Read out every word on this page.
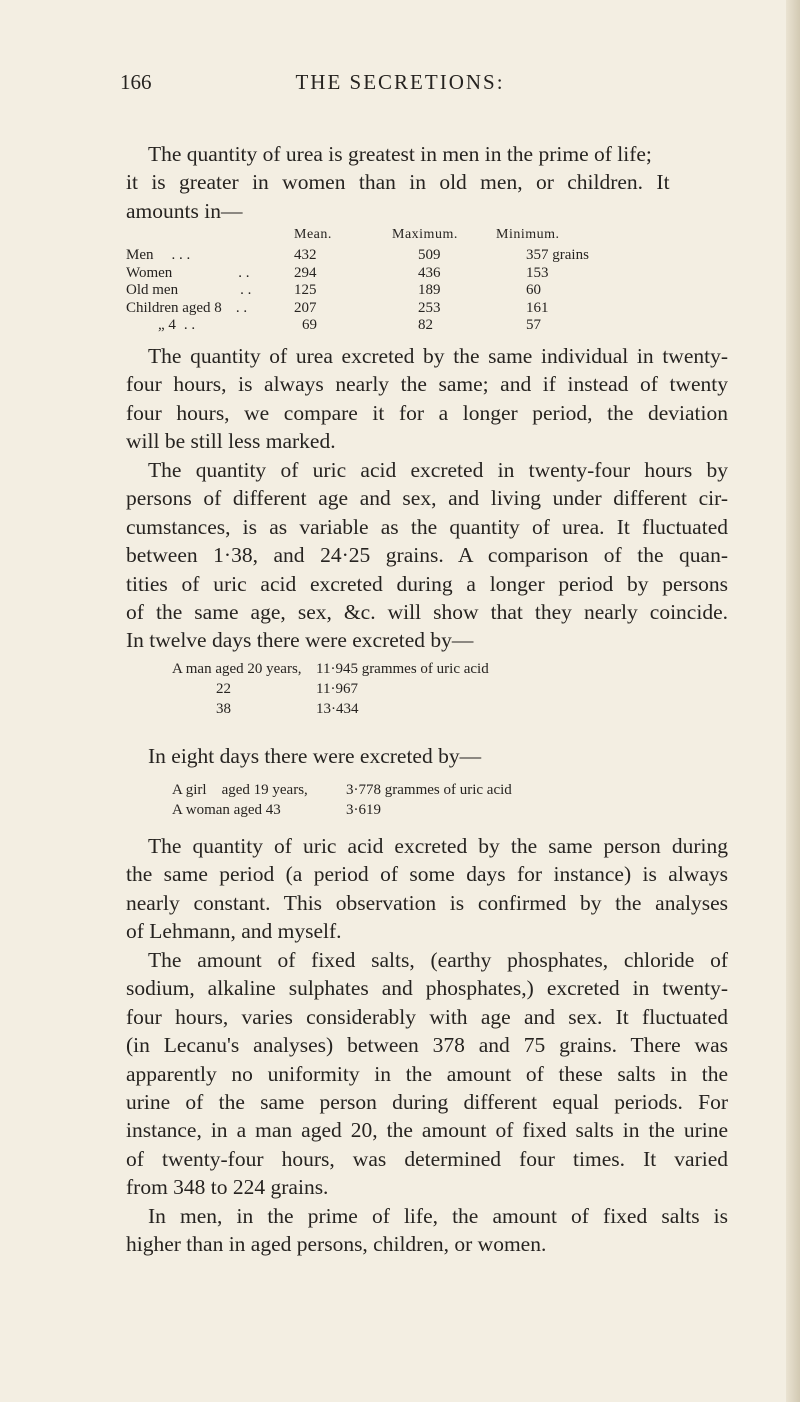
166	THE SECRETIONS:
The quantity of urea is greatest in men in the prime of life;
it is greater in women than in old men, or children. It
amounts in—
	Mean.	Maximum.	Minimum.
Men . . .	432	509	357 grains
Women . .	294	436	153
Old men . .	125	189	60
Children aged 8 . .	207	253	161
„ 4 . .	69	82	57
The quantity of urea excreted by the same individual in twenty-
four hours, is always nearly the same; and if instead of twenty
four hours, we compare it for a longer period, the deviation
will be still less marked.
The quantity of uric acid excreted in twenty-four hours by
persons of different age and sex, and living under different cir-
cumstances, is as variable as the quantity of urea. It fluctuated
between 1·38, and 24·25 grains. A comparison of the quan-
tities of uric acid excreted during a longer period by persons
of the same age, sex, &c. will show that they nearly coincide.
In twelve days there were excreted by—
A man aged 20 years, 11·945 grammes of uric acid
22	11·967
38	13·434
In eight days there were excreted by—
A girl    aged 19 years,	3·778 grammes of uric acid
A woman aged 43	3·619
The quantity of uric acid excreted by the same person during
the same period (a period of some days for instance) is always
nearly constant. This observation is confirmed by the analyses
of Lehmann, and myself.
The amount of fixed salts, (earthy phosphates, chloride of
sodium, alkaline sulphates and phosphates,) excreted in twenty-
four hours, varies considerably with age and sex. It fluctuated
(in Lecanu's analyses) between 378 and 75 grains. There was
apparently no uniformity in the amount of these salts in the
urine of the same person during different equal periods. For
instance, in a man aged 20, the amount of fixed salts in the urine
of twenty-four hours, was determined four times. It varied
from 348 to 224 grains.
In men, in the prime of life, the amount of fixed salts is
higher than in aged persons, children, or women.
